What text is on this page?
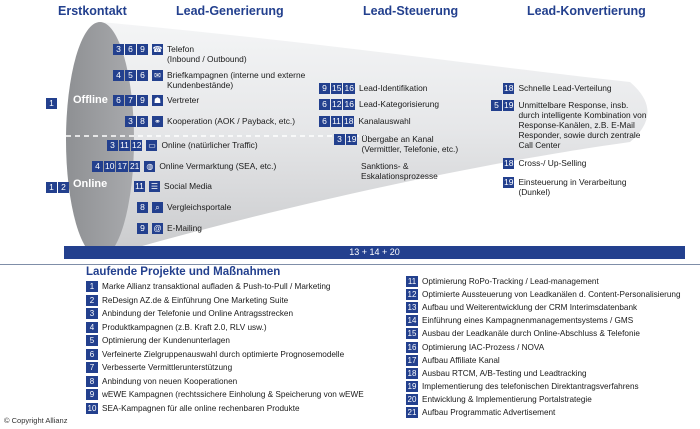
Erstkontakt	Lead-Generierung	Lead-Steuerung	Lead-Konvertierung
1	Offline
1 2 Online
3 6 9 ☎ Telefon
(Inbound / Outbound)
4 5 6	✉ Briefkampagnen (interne und externe
Kundenbestände)
6 7 9	☗ Vertreter
3 8	⚭ Kooperation (AOK / Payback, etc.)
3 11 12 ▭ Online (natürlicher Traffic)
4 10 17 21 ◍ Online Vermarktung (SEA, etc.)
11 ☰ Social Media
8	⌕ Vergleichsportale
9	@ E-Mailing
9 15 16 Lead-Identifikation
6 12 16 Lead-Kategorisierung
6 11 18 Kanalauswahl
3 19 Übergabe an Kanal
(Vermittler, Telefonie, etc.)
Sanktions- &
Eskalationsprozesse
18 Schnelle Lead-Verteilung
5 19 Unmittelbare Response, insb.
durch intelligente Kombination von
Response-Kanälen, z.B. E-Mail
Responder, sowie durch zentrale
Call Center
18 Cross-/ Up-Selling
19 Einsteuerung in Verarbeitung
(Dunkel)
13 + 14 + 20
Laufende Projekte und Maßnahmen
1 Marke Allianz transaktional aufladen & Push-to-Pull / Marketing
2 ReDesign AZ.de & Einführung One Marketing Suite
3 Anbindung der Telefonie und Online Antragsstrecken
4 Produktkampagnen (z.B. Kraft 2.0, RLV usw.)
5 Optimierung der Kundenunterlagen
6 Verfeinerte Zielgruppenauswahl durch optimierte Prognosemodelle
7 Verbesserte Vermittlerunterstützung
8 Anbindung von neuen Kooperationen
9 wEWE Kampagnen (rechtssichere Einholung & Speicherung von wEWE
10 SEA-Kampagnen für alle online rechenbaren Produkte
11 Optimierung RoPo-Tracking / Lead-management
12 Optimierte Aussteuerung von Leadkanälen d. Content-Personalisierung
13 Aufbau und Weiterentwicklung der CRM Interimsdatenbank
14 Einführung eines Kampagnenmanagementsystems / GMS
15 Ausbau der Leadkanäle durch Online-Abschluss & Telefonie
16 Optimierung IAC-Prozess / NOVA
17 Aufbau Affiliate Kanal
18 Ausbau RTCM, A/B-Testing und Leadtracking
19 Implementierung des telefonischen Direktantragsverfahrens
20 Entwicklung & Implementierung Portalstrategie
21 Aufbau Programmatic Advertisement
© Copyright Allianz
